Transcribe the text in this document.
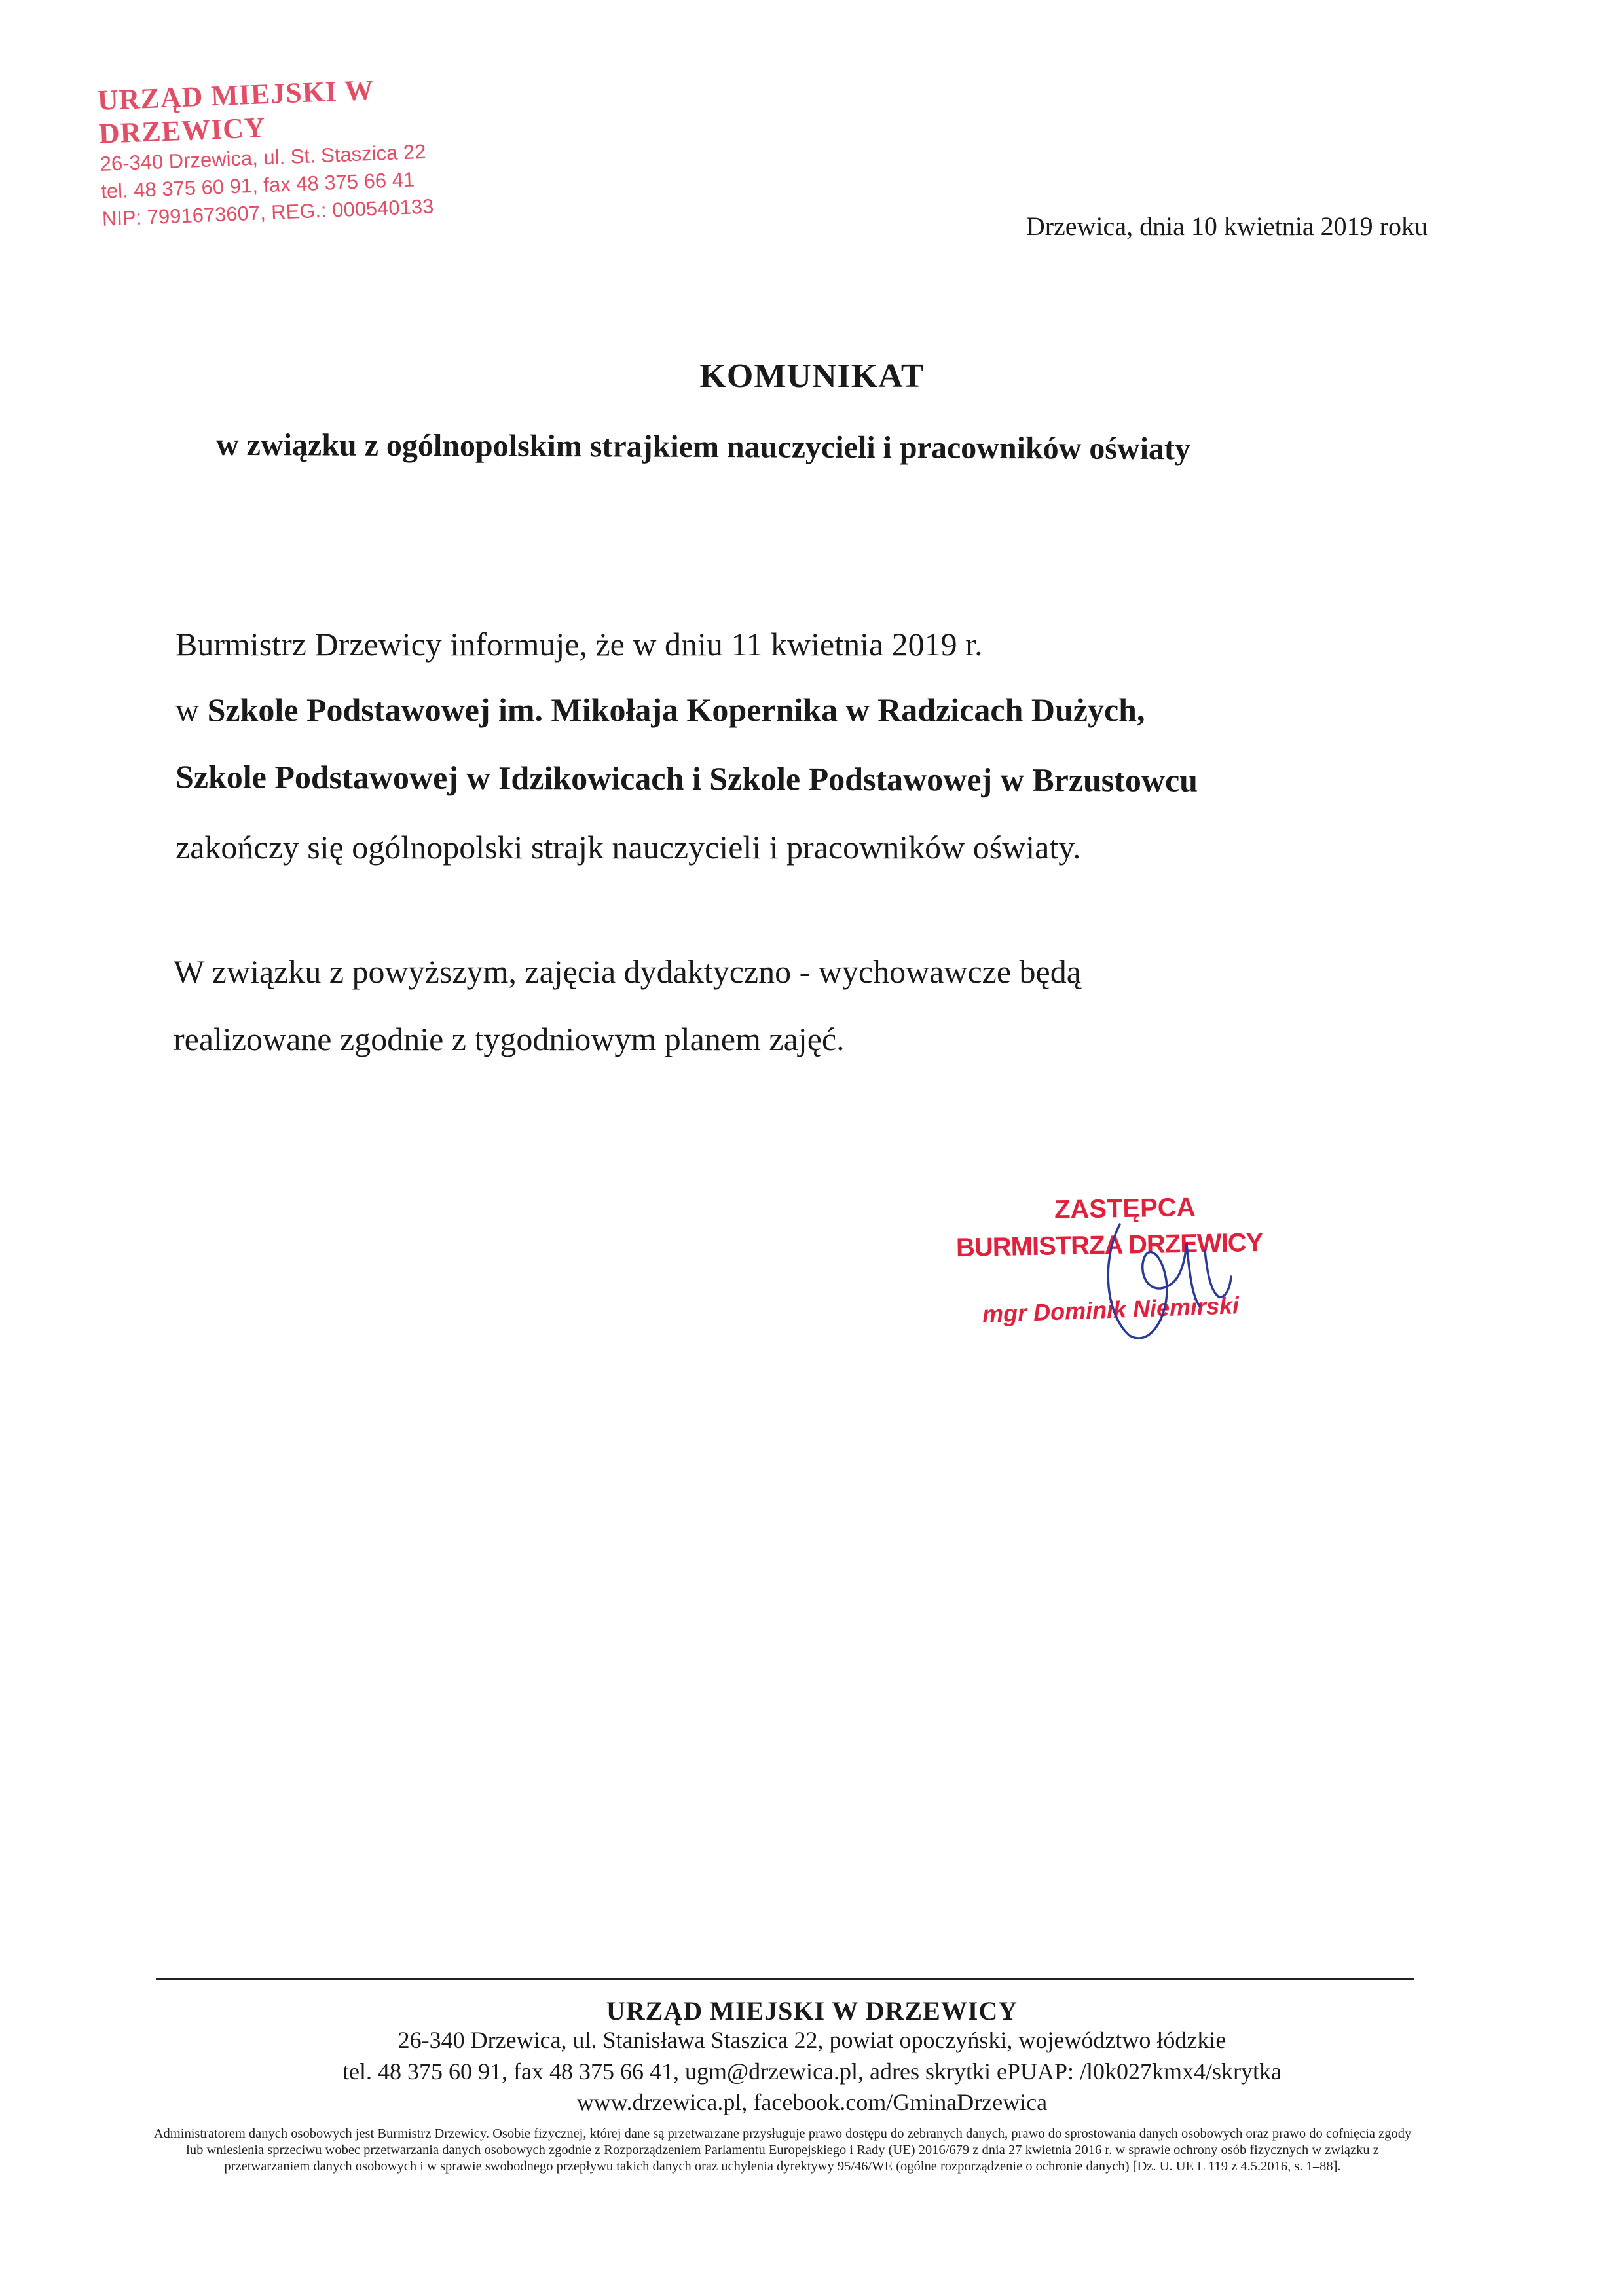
URZĄD MIEJSKI W DRZEWICY
26-340 Drzewica, ul. St. Staszica 22
tel. 48 375 60 91, fax 48 375 66 41
NIP: 7991673607, REG.: 000540133	Drzewica, dnia 10 kwietnia 2019 roku
KOMUNIKAT
w związku z ogólnopolskim strajkiem nauczycieli i pracowników oświaty
Burmistrz Drzewicy informuje, że w dniu 11 kwietnia 2019 r.
w Szkole Podstawowej im. Mikołaja Kopernika w Radzicach Dużych,
Szkole Podstawowej w Idzikowicach i Szkole Podstawowej w Brzustowcu
zakończy się ogólnopolski strajk nauczycieli i pracowników oświaty.
W związku z powyższym, zajęcia dydaktyczno - wychowawcze będą
realizowane zgodnie z tygodniowym planem zajęć.
ZASTĘPCA
BURMISTRZA DRZEWICY
mgr Dominik Niemirski
URZĄD MIEJSKI W DRZEWICY
26-340 Drzewica, ul. Stanisława Staszica 22, powiat opoczyński, województwo łódzkie
tel. 48 375 60 91, fax 48 375 66 41, ugm@drzewica.pl, adres skrytki ePUAP: /l0k027kmx4/skrytka
www.drzewica.pl, facebook.com/GminaDrzewica
Administratorem danych osobowych jest Burmistrz Drzewicy. Osobie fizycznej, której dane są przetwarzane przysługuje prawo dostępu do zebranych danych, prawo do sprostowania danych osobowych oraz prawo do cofnięcia zgody lub wniesienia sprzeciwu wobec przetwarzania danych osobowych zgodnie z Rozporządzeniem Parlamentu Europejskiego i Rady (UE) 2016/679 z dnia 27 kwietnia 2016 r. w sprawie ochrony osób fizycznych w związku z przetwarzaniem danych osobowych i w sprawie swobodnego przepływu takich danych oraz uchylenia dyrektywy 95/46/WE (ogólne rozporządzenie o ochronie danych) [Dz. U. UE L 119 z 4.5.2016, s. 1–88].
